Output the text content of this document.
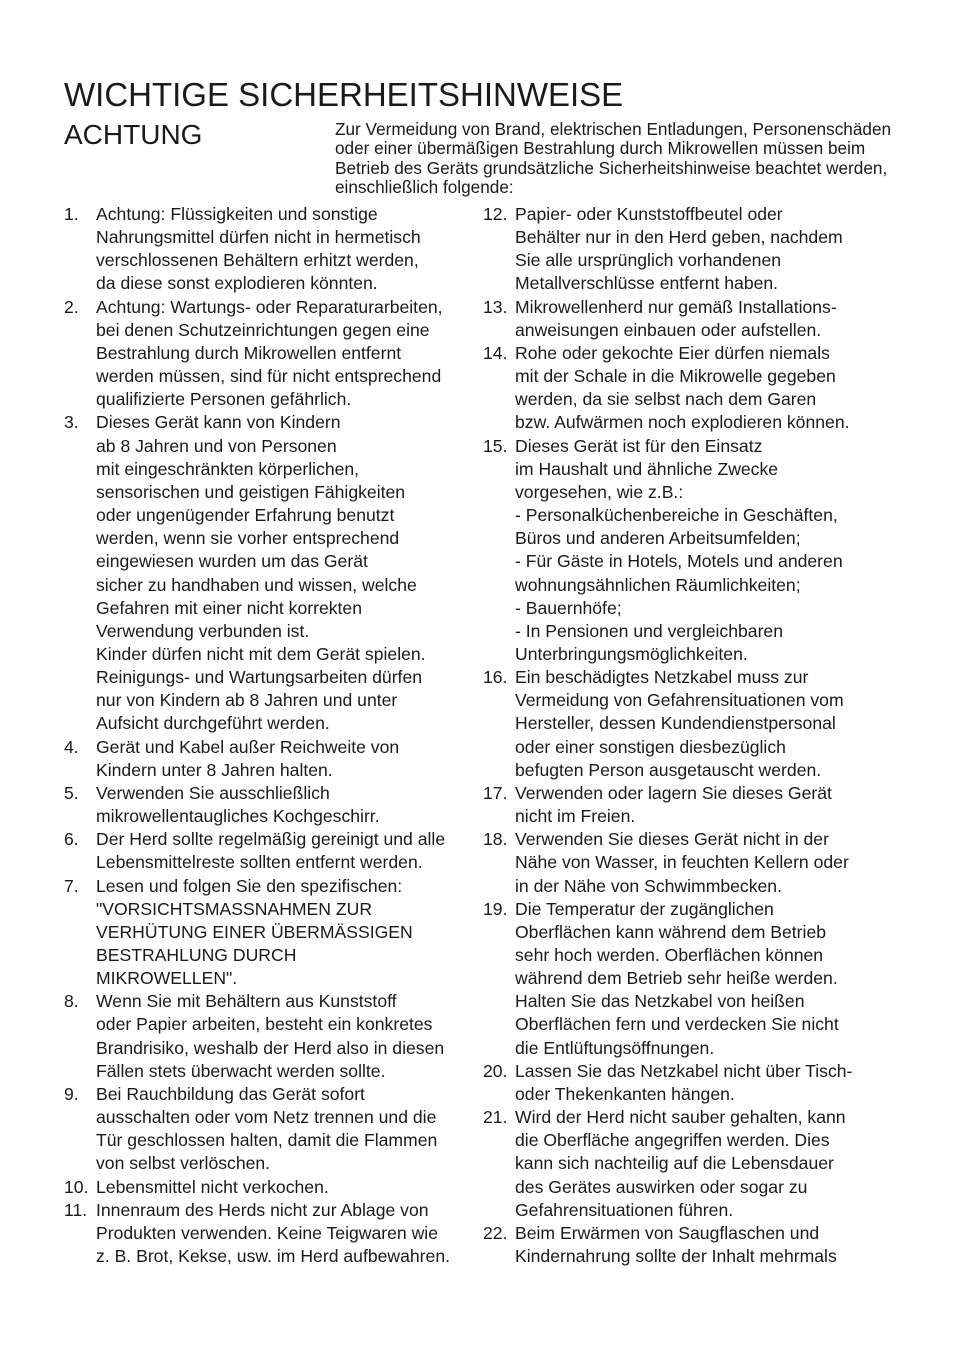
WICHTIGE SICHERHEITSHINWEISE
ACHTUNG	Zur Vermeidung von Brand, elektrischen Entladungen, Personenschäden oder einer übermäßigen Bestrahlung durch Mikrowellen müssen beim Betrieb des Geräts grundsätzliche Sicherheitshinweise beachtet werden, einschließlich folgende:

1. Achtung: Flüssigkeiten und sonstige
Nahrungsmittel dürfen nicht in hermetisch
verschlossenen Behältern erhitzt werden,
da diese sonst explodieren könnten.
2. Achtung: Wartungs- oder Reparaturarbeiten,
bei denen Schutzeinrichtungen gegen eine
Bestrahlung durch Mikrowellen entfernt
werden müssen, sind für nicht entsprechend
qualifizierte Personen gefährlich.
3. Dieses Gerät kann von Kindern
ab 8 Jahren und von Personen
mit eingeschränkten körperlichen,
sensorischen und geistigen Fähigkeiten
oder ungenügender Erfahrung benutzt
werden, wenn sie vorher entsprechend
eingewiesen wurden um das Gerät
sicher zu handhaben und wissen, welche
Gefahren mit einer nicht korrekten
Verwendung verbunden ist.
Kinder dürfen nicht mit dem Gerät spielen.
Reinigungs- und Wartungsarbeiten dürfen
nur von Kindern ab 8 Jahren und unter
Aufsicht durchgeführt werden.
4. Gerät und Kabel außer Reichweite von
Kindern unter 8 Jahren halten.
5. Verwenden Sie ausschließlich
mikrowellentaugliches Kochgeschirr.
6. Der Herd sollte regelmäßig gereinigt und alle
Lebensmittelreste sollten entfernt werden.
7. Lesen und folgen Sie den spezifischen:
"VORSICHTSMASSNAHMEN ZUR
VERHÜTUNG EINER ÜBERMÄSSIGEN
BESTRAHLUNG DURCH
MIKROWELLEN".
8. Wenn Sie mit Behältern aus Kunststoff
oder Papier arbeiten, besteht ein konkretes
Brandrisiko, weshalb der Herd also in diesen
Fällen stets überwacht werden sollte.
9. Bei Rauchbildung das Gerät sofort
ausschalten oder vom Netz trennen und die
Tür geschlossen halten, damit die Flammen
von selbst verlöschen.
10. Lebensmittel nicht verkochen.
11. Innenraum des Herds nicht zur Ablage von
Produkten verwenden. Keine Teigwaren wie
z. B. Brot, Kekse, usw. im Herd aufbewahren.
12. Papier- oder Kunststoffbeutel oder
Behälter nur in den Herd geben, nachdem
Sie alle ursprünglich vorhandenen
Metallverschlüsse entfernt haben.
13. Mikrowellenherd nur gemäß Installations-
anweisungen einbauen oder aufstellen.
14. Rohe oder gekochte Eier dürfen niemals
mit der Schale in die Mikrowelle gegeben
werden, da sie selbst nach dem Garen
bzw. Aufwärmen noch explodieren können.
15. Dieses Gerät ist für den Einsatz
im Haushalt und ähnliche Zwecke
vorgesehen, wie z.B.:
- Personalküchenbereiche in Geschäften,
Büros und anderen Arbeitsumfelden;
- Für Gäste in Hotels, Motels und anderen
wohnungsähnlichen Räumlichkeiten;
- Bauernhöfe;
- In Pensionen und vergleichbaren
Unterbringungsmöglichkeiten.
16. Ein beschädigtes Netzkabel muss zur
Vermeidung von Gefahrensituationen vom
Hersteller, dessen Kundendienstpersonal
oder einer sonstigen diesbezüglich
befugten Person ausgetauscht werden.
17. Verwenden oder lagern Sie dieses Gerät
nicht im Freien.
18. Verwenden Sie dieses Gerät nicht in der
Nähe von Wasser, in feuchten Kellern oder
in der Nähe von Schwimmbecken.
19. Die Temperatur der zugänglichen
Oberflächen kann während dem Betrieb
sehr hoch werden. Oberflächen können
während dem Betrieb sehr heiße werden.
Halten Sie das Netzkabel von heißen
Oberflächen fern und verdecken Sie nicht
die Entlüftungsöffnungen.
20. Lassen Sie das Netzkabel nicht über Tisch-
oder Thekenkanten hängen.
21. Wird der Herd nicht sauber gehalten, kann
die Oberfläche angegriffen werden. Dies
kann sich nachteilig auf die Lebensdauer
des Gerätes auswirken oder sogar zu
Gefahrensituationen führen.
22. Beim Erwärmen von Saugflaschen und
Kindernahrung sollte der Inhalt mehrmals
